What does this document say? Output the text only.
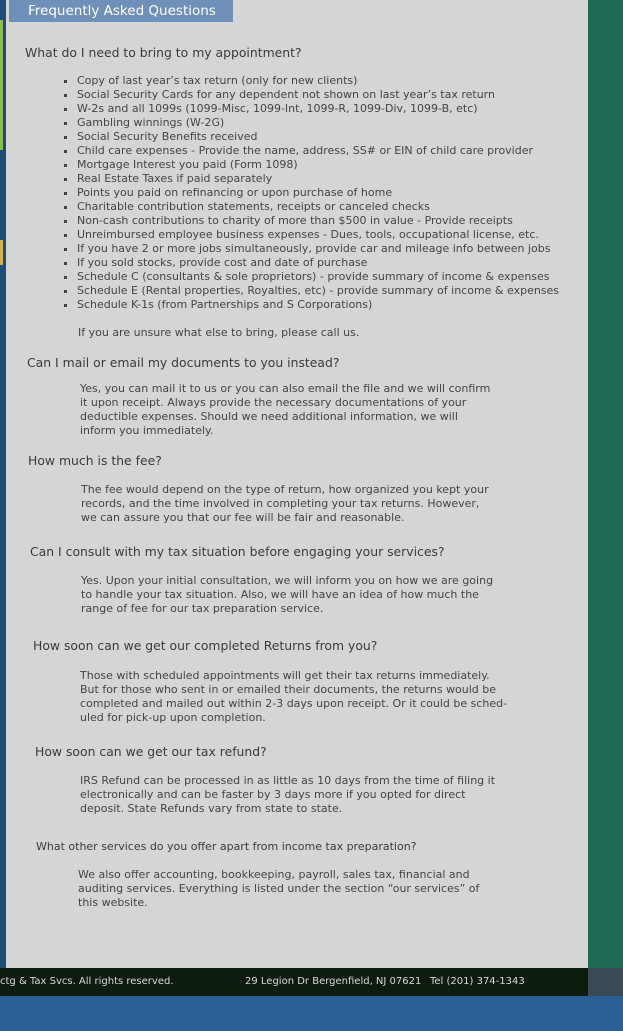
Frequently Asked Questions
What do I need to bring to my appointment?
▪ Copy of last year’s tax return (only for new clients)
▪ Social Security Cards for any dependent not shown on last year’s tax return
▪ W-2s and all 1099s (1099-Misc, 1099-Int, 1099-R, 1099-Div, 1099-B, etc)
▪ Gambling winnings (W-2G)
▪ Social Security Benefits received
▪ Child care expenses - Provide the name, address, SS# or EIN of child care provider
▪ Mortgage Interest you paid (Form 1098)
▪ Real Estate Taxes if paid separately
▪ Points you paid on refinancing or upon purchase of home
▪ Charitable contribution statements, receipts or canceled checks
▪ Non-cash contributions to charity of more than $500 in value - Provide receipts
▪ Unreimbursed employee business expenses - Dues, tools, occupational license, etc.
▪ If you have 2 or more jobs simultaneously, provide car and mileage info between jobs
▪ If you sold stocks, provide cost and date of purchase
▪ Schedule C (consultants & sole proprietors) - provide summary of income & expenses
▪ Schedule E (Rental properties, Royalties, etc) - provide summary of income & expenses
▪ Schedule K-1s (from Partnerships and S Corporations)
If you are unsure what else to bring, please call us.
Can I mail or email my documents to you instead?
Yes, you can mail it to us or you can also email the file and we will confirm
it upon receipt. Always provide the necessary documentations of your
deductible expenses. Should we need additional information, we will
inform you immediately.
How much is the fee?
The fee would depend on the type of return, how organized you kept your
records, and the time involved in completing your tax returns. However,
we can assure you that our fee will be fair and reasonable.
Can I consult with my tax situation before engaging your services?
Yes. Upon your initial consultation, we will inform you on how we are going
to handle your tax situation. Also, we will have an idea of how much the
range of fee for our tax preparation service.
How soon can we get our completed Returns from you?
Those with scheduled appointments will get their tax returns immediately.
But for those who sent in or emailed their documents, the returns would be
completed and mailed out within 2-3 days upon receipt. Or it could be sched-
uled for pick-up upon completion.
How soon can we get our tax refund?
IRS Refund can be processed in as little as 10 days from the time of filing it
electronically and can be faster by 3 days more if you opted for direct
deposit. State Refunds vary from state to state.
What other services do you offer apart from income tax preparation?
We also offer accounting, bookkeeping, payroll, sales tax, financial and
auditing services. Everything is listed under the section “our services” of
this website.
ctg & Tax Svcs. All rights reserved.	29 Legion Dr Bergenfield, NJ 07621 Tel (201) 374-1343
